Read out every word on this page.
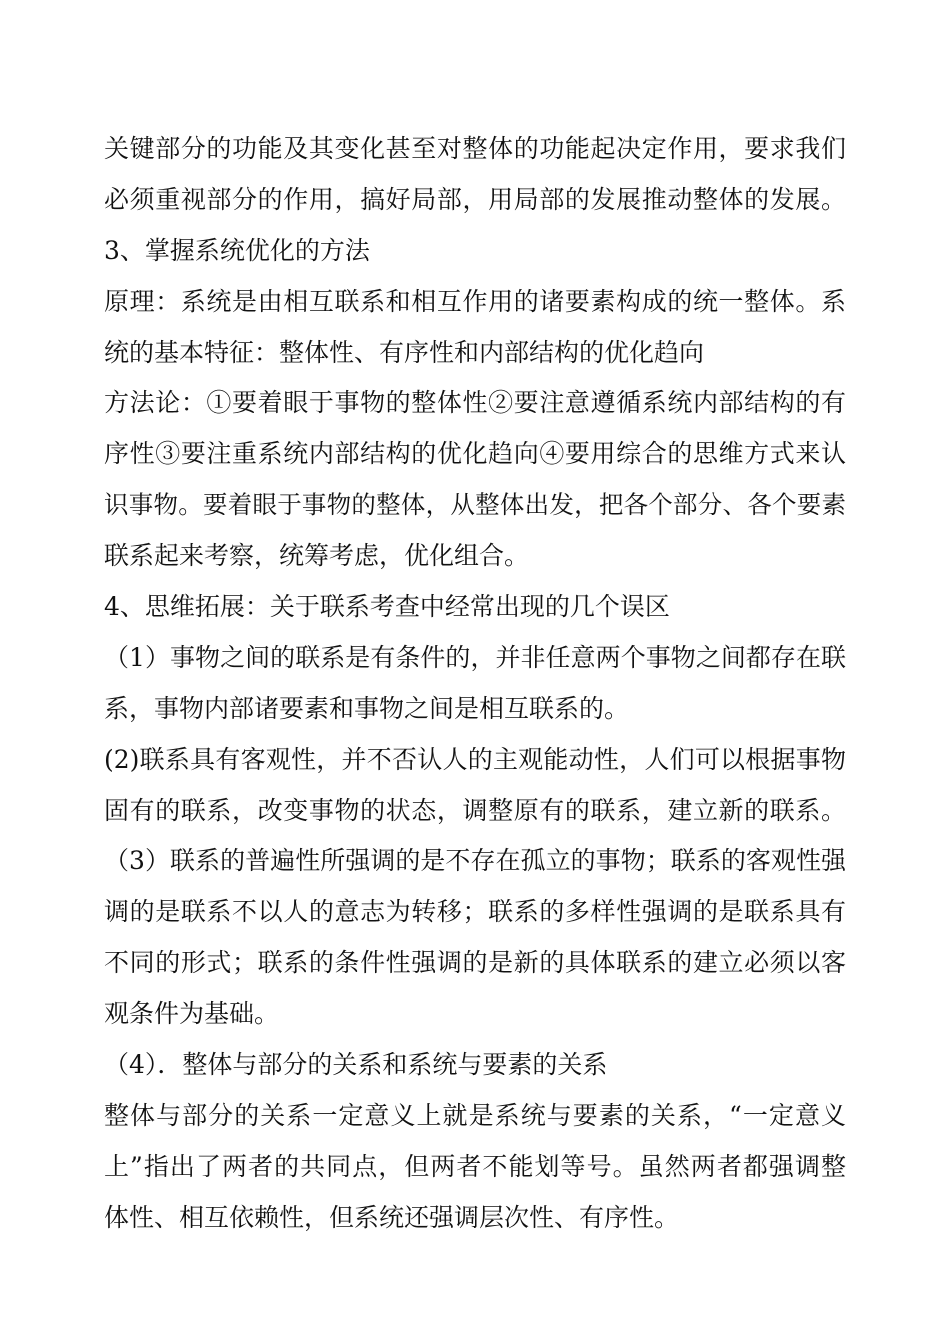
关键部分的功能及其变化甚至对整体的功能起决定作用，要求我们
必须重视部分的作用，搞好局部，用局部的发展推动整体的发展。
3、掌握系统优化的方法
原理：系统是由相互联系和相互作用的诸要素构成的统一整体。系
统的基本特征：整体性、有序性和内部结构的优化趋向
方法论：①要着眼于事物的整体性②要注意遵循系统内部结构的有
序性③要注重系统内部结构的优化趋向④要用综合的思维方式来认
识事物。要着眼于事物的整体，从整体出发，把各个部分、各个要素
联系起来考察，统筹考虑，优化组合。
4、思维拓展：关于联系考查中经常出现的几个误区
（1）事物之间的联系是有条件的，并非任意两个事物之间都存在联
系，事物内部诸要素和事物之间是相互联系的。
(2)联系具有客观性，并不否认人的主观能动性，人们可以根据事物
固有的联系，改变事物的状态，调整原有的联系，建立新的联系。
（3）联系的普遍性所强调的是不存在孤立的事物；联系的客观性强
调的是联系不以人的意志为转移；联系的多样性强调的是联系具有
不同的形式；联系的条件性强调的是新的具体联系的建立必须以客
观条件为基础。
（4）．整体与部分的关系和系统与要素的关系
整体与部分的关系一定意义上就是系统与要素的关系，“一定意义
上”指出了两者的共同点，但两者不能划等号。虽然两者都强调整
体性、相互依赖性，但系统还强调层次性、有序性。
